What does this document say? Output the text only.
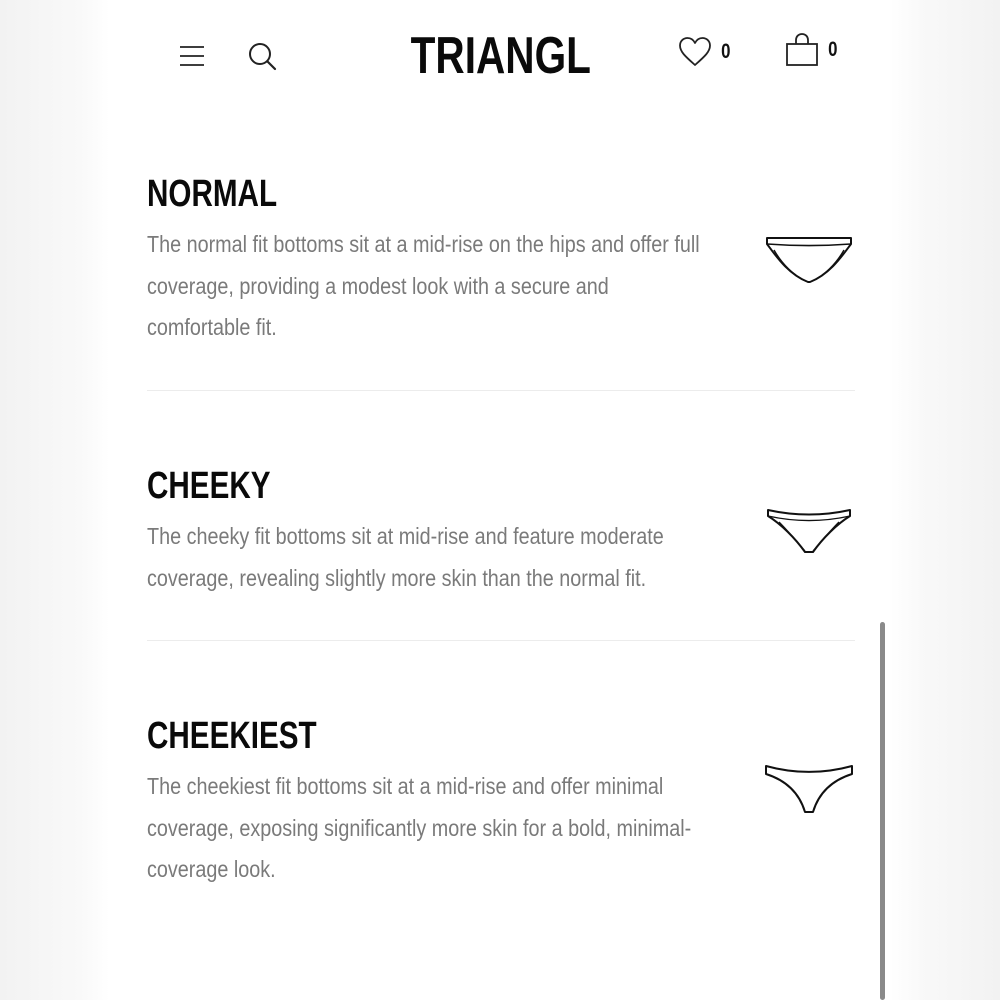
TRIANGL	0	0
NORMAL

The normal fit bottoms sit at a mid-rise on the hips and offer full coverage, providing a modest look with a secure and comfortable fit.

CHEEKY

The cheeky fit bottoms sit at mid-rise and feature moderate coverage, revealing slightly more skin than the normal fit.

CHEEKIEST

The cheekiest fit bottoms sit at a mid-rise and offer minimal coverage, exposing significantly more skin for a bold, minimal-coverage look.
